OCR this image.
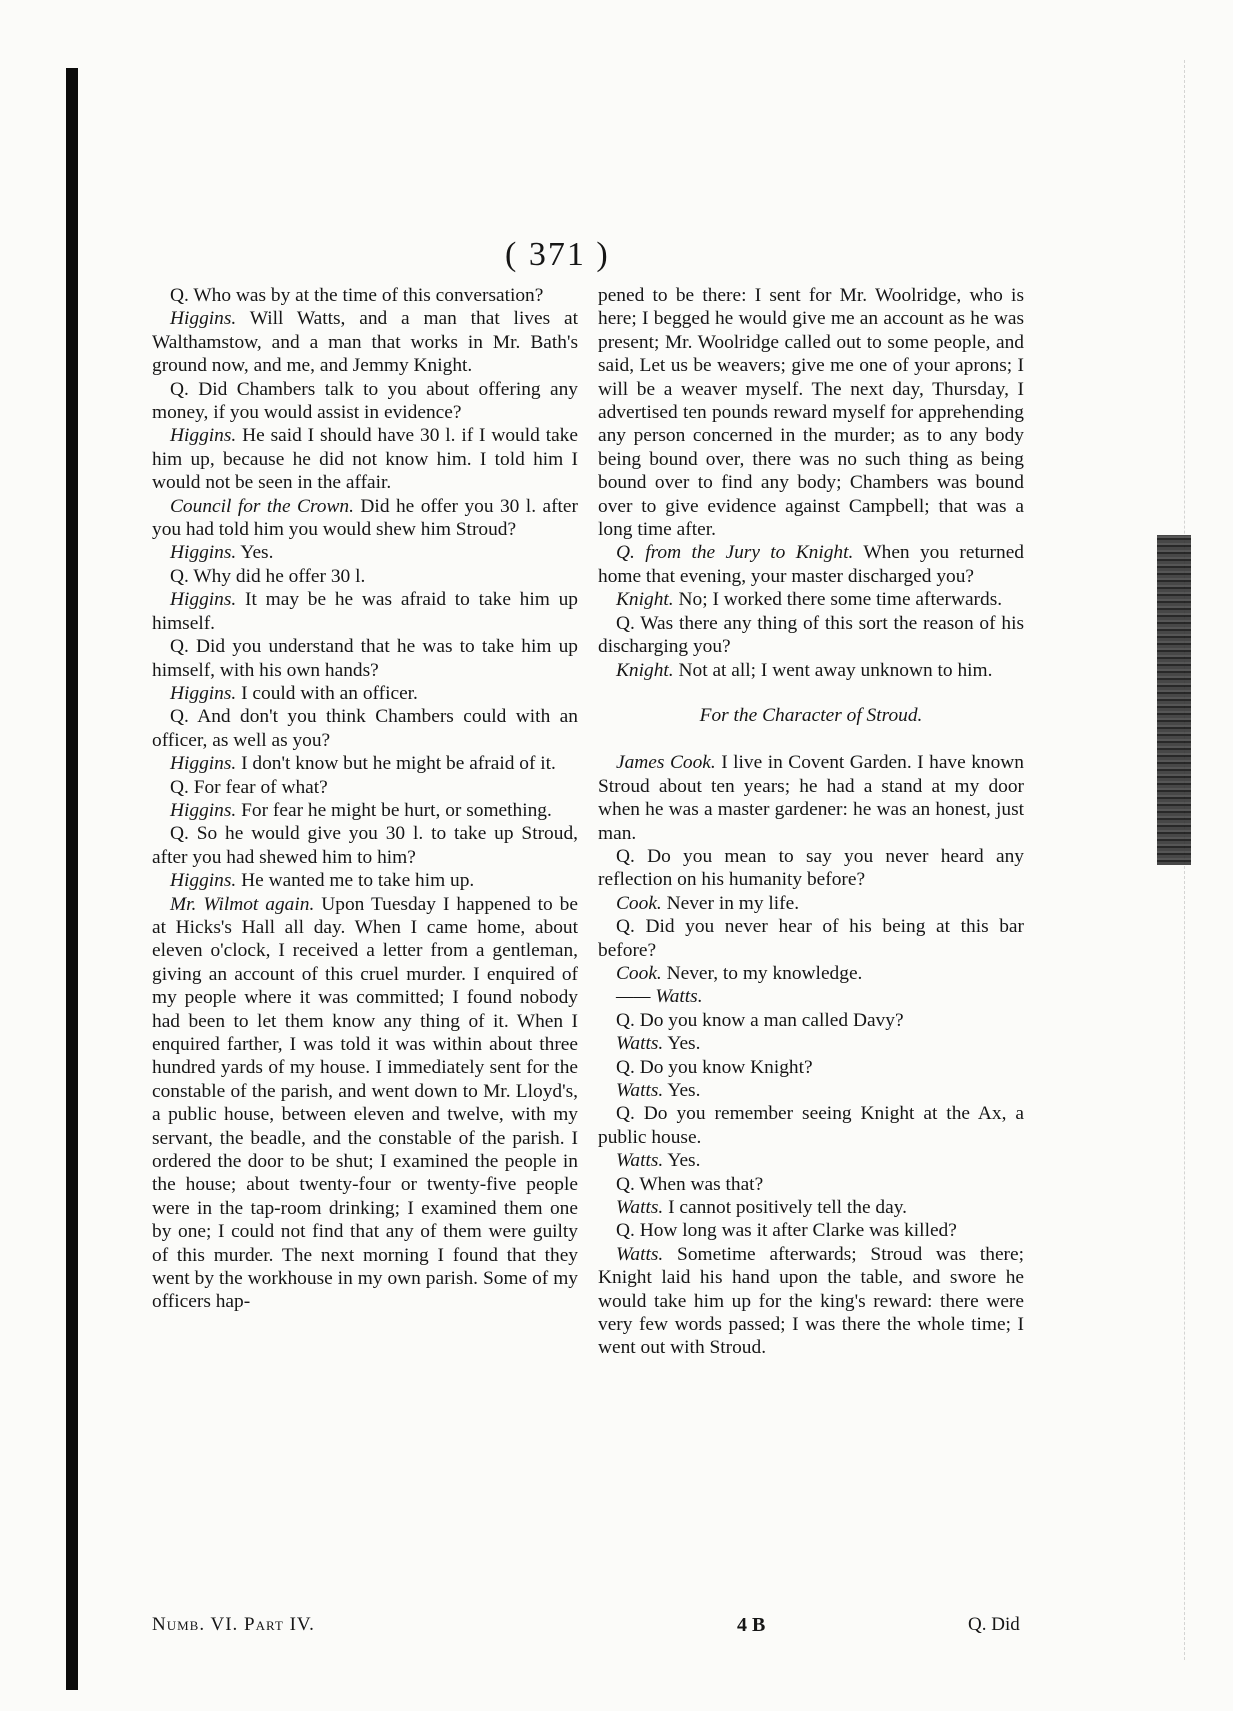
( 371 )

Q. Who was by at the time of this conversation?

Higgins. Will Watts, and a man that lives at Walthamstow, and a man that works in Mr. Bath's ground now, and me, and Jemmy Knight.

Q. Did Chambers talk to you about offering any money, if you would assist in evidence?

Higgins. He said I should have 30 l. if I would take him up, because he did not know him. I told him I would not be seen in the affair.

Council for the Crown. Did he offer you 30 l. after you had told him you would shew him Stroud?

Higgins. Yes.

Q. Why did he offer 30 l.

Higgins. It may be he was afraid to take him up himself.

Q. Did you understand that he was to take him up himself, with his own hands?

Higgins. I could with an officer.

Q. And don't you think Chambers could with an officer, as well as you?

Higgins. I don't know but he might be afraid of it.

Q. For fear of what?

Higgins. For fear he might be hurt, or something.

Q. So he would give you 30 l. to take up Stroud, after you had shewed him to him?

Higgins. He wanted me to take him up.

Mr. Wilmot again. Upon Tuesday I happened to be at Hicks's Hall all day. When I came home, about eleven o'clock, I received a letter from a gentleman, giving an account of this cruel murder. I enquired of my people where it was committed; I found nobody had been to let them know any thing of it. When I enquired farther, I was told it was within about three hundred yards of my house. I immediately sent for the constable of the parish, and went down to Mr. Lloyd's, a public house, between eleven and twelve, with my servant, the beadle, and the constable of the parish. I ordered the door to be shut; I examined the people in the house; about twenty-four or twenty-five people were in the tap-room drinking; I examined them one by one; I could not find that any of them were guilty of this murder. The next morning I found that they went by the workhouse in my own parish. Some of my officers hap-

pened to be there: I sent for Mr. Woolridge, who is here; I begged he would give me an account as he was present; Mr. Woolridge called out to some people, and said, Let us be weavers; give me one of your aprons; I will be a weaver myself. The next day, Thursday, I advertised ten pounds reward myself for apprehending any person concerned in the murder; as to any body being bound over, there was no such thing as being bound over to find any body; Chambers was bound over to give evidence against Campbell; that was a long time after.

Q. from the Jury to Knight. When you returned home that evening, your master discharged you?

Knight. No; I worked there some time afterwards.

Q. Was there any thing of this sort the reason of his discharging you?

Knight. Not at all; I went away unknown to him.

For the Character of Stroud.

James Cook. I live in Covent Garden. I have known Stroud about ten years; he had a stand at my door when he was a master gardener: he was an honest, just man.

Q. Do you mean to say you never heard any reflection on his humanity before?

Cook. Never in my life.

Q. Did you never hear of his being at this bar before?

Cook. Never, to my knowledge.

—— Watts.

Q. Do you know a man called Davy?

Watts. Yes.

Q. Do you know Knight?

Watts. Yes.

Q. Do you remember seeing Knight at the Ax, a public house.

Watts. Yes.

Q. When was that?

Watts. I cannot positively tell the day.

Q. How long was it after Clarke was killed?

Watts. Sometime afterwards; Stroud was there; Knight laid his hand upon the table, and swore he would take him up for the king's reward: there were very few words passed; I was there the whole time; I went out with Stroud.

Numb. VI. Part IV.	4 B	Q. Did
